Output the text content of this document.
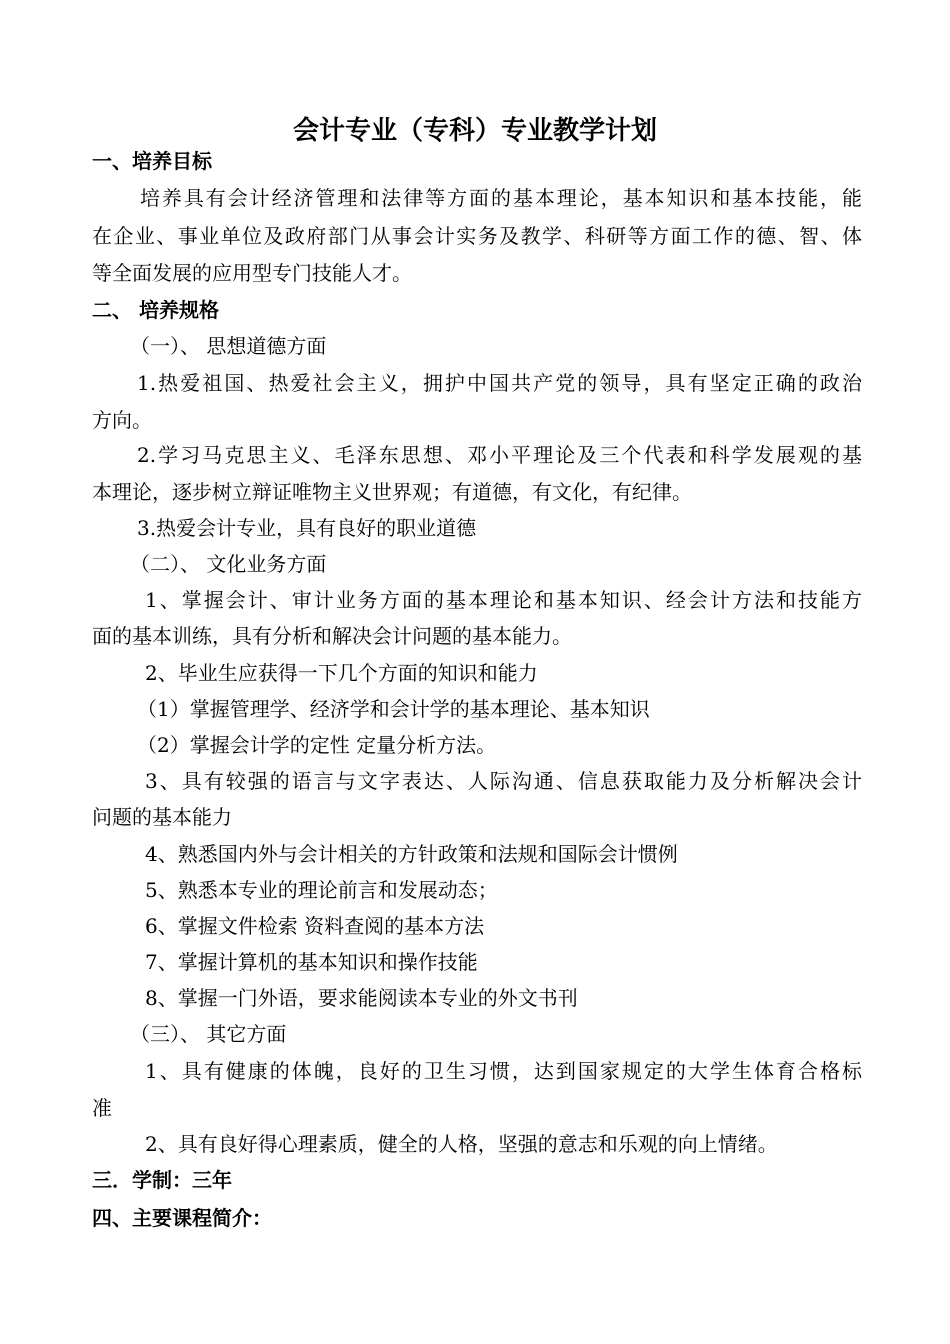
会计专业（专科）专业教学计划
一、培养目标
培养具有会计经济管理和法律等方面的基本理论，基本知识和基本技能，能
在企业、事业单位及政府部门从事会计实务及教学、科研等方面工作的德、智、体
等全面发展的应用型专门技能人才。
二、 培养规格
（一）、 思想道德方面
1.热爱祖国、热爱社会主义，拥护中国共产党的领导，具有坚定正确的政治
方向。
2.学习马克思主义、毛泽东思想、邓小平理论及三个代表和科学发展观的基
本理论，逐步树立辩证唯物主义世界观；有道德，有文化，有纪律。
3.热爱会计专业，具有良好的职业道德
（二）、 文化业务方面
1、掌握会计、审计业务方面的基本理论和基本知识、经会计方法和技能方
面的基本训练，具有分析和解决会计问题的基本能力。
2、毕业生应获得一下几个方面的知识和能力
（1）掌握管理学、经济学和会计学的基本理论、基本知识
（2）掌握会计学的定性 定量分析方法。
3、具有较强的语言与文字表达、人际沟通、信息获取能力及分析解决会计
问题的基本能力
4、熟悉国内外与会计相关的方针政策和法规和国际会计惯例
5、熟悉本专业的理论前言和发展动态；
6、掌握文件检索 资料查阅的基本方法
7、掌握计算机的基本知识和操作技能
8、掌握一门外语，要求能阅读本专业的外文书刊
（三）、 其它方面
1、具有健康的体魄，良好的卫生习惯，达到国家规定的大学生体育合格标
准
2、具有良好得心理素质，健全的人格，坚强的意志和乐观的向上情绪。
三．学制：三年
四、主要课程简介：
